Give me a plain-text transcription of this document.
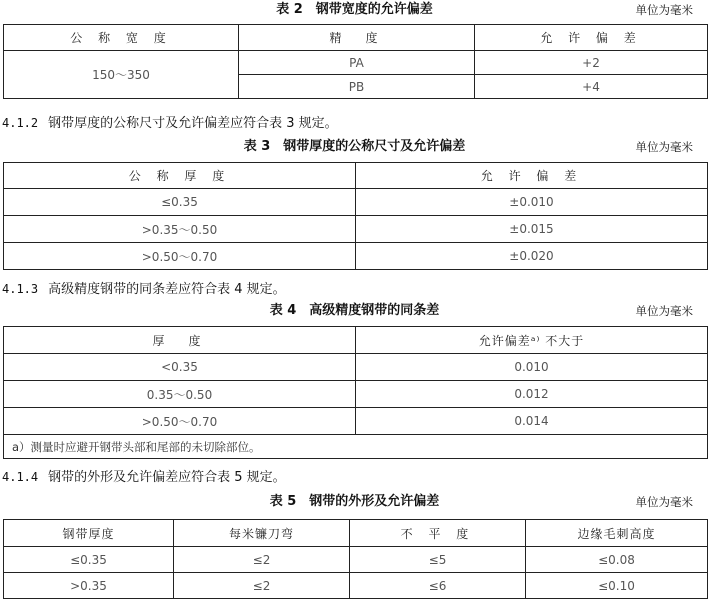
表 2　钢带宽度的允许偏差	单位为毫米
公 称 宽 度	精　度	允 许 偏 差
150～350	PA	+2
	PB	+4
4.1.2 钢带厚度的公称尺寸及允许偏差应符合表 3 规定。
表 3　钢带厚度的公称尺寸及允许偏差	单位为毫米
公 称 厚 度	允 许 偏 差
≤0.35	±0.010
>0.35～0.50	±0.015
>0.50～0.70	±0.020
4.1.3 高级精度钢带的同条差应符合表 4 规定。
表 4　高级精度钢带的同条差	单位为毫米
厚　度	允许偏差ᵃ⁾ 不大于
<0.35	0.010
0.35～0.50	0.012
>0.50～0.70	0.014
a）测量时应避开钢带头部和尾部的未切除部位。	
4.1.4 钢带的外形及允许偏差应符合表 5 规定。
表 5　钢带的外形及允许偏差	单位为毫米
钢带厚度	每米镰刀弯	不 平 度	边缘毛刺高度
≤0.35	≤2	≤5	≤0.08
>0.35	≤2	≤6	≤0.10
